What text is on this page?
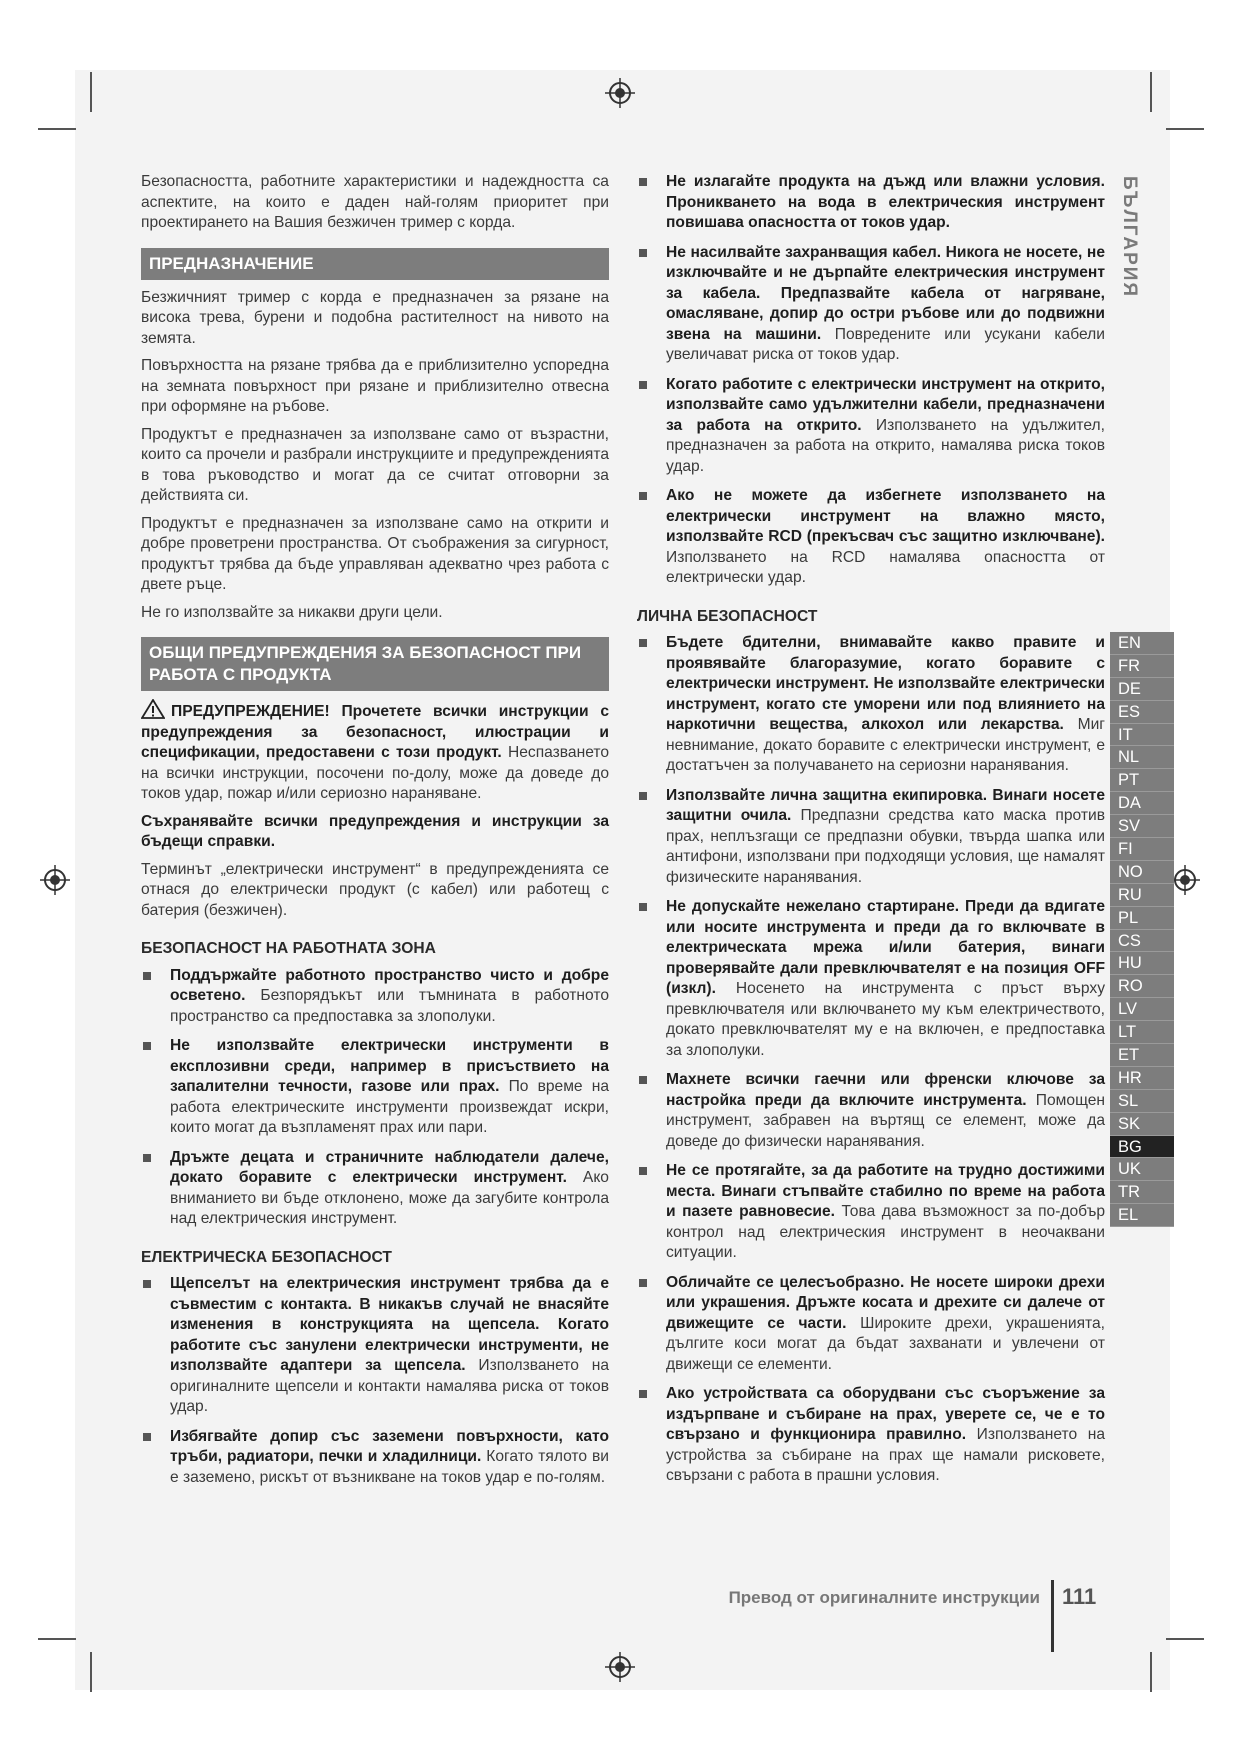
Безопасността, работните характеристики и надеждността са аспектите, на които е даден най-голям приоритет при проектирането на Вашия безжичен тример с корда.

ПРЕДНАЗНАЧЕНИЕ

Безжичният тример с корда е предназначен за рязане на висока трева, бурени и подобна растителност на нивото на земята.

Повърхността на рязане трябва да е приблизително успоредна на земната повърхност при рязане и приблизително отвесна при оформяне на ръбове.

Продуктът е предназначен за използване само от възрастни, които са прочели и разбрали инструкциите и предупрежденията в това ръководство и могат да се считат отговорни за действията си.

Продуктът е предназначен за използване само на открити и добре проветрени пространства. От съображения за сигурност, продуктът трябва да бъде управляван адекватно чрез работа с двете ръце.

Не го използвайте за никакви други цели.

ОБЩИ ПРЕДУПРЕЖДЕНИЯ ЗА БЕЗОПАСНОСТ ПРИ РАБОТА С ПРОДУКТА

ПРЕДУПРЕЖДЕНИЕ! Прочетете всички инструкции с предупреждения за безопасност, илюстрации и спецификации, предоставени с този продукт. Неспазването на всички инструкции, посочени по-долу, може да доведе до токов удар, пожар и/или сериозно нараняване.

Съхранявайте всички предупреждения и инструкции за бъдещи справки.

Терминът „електрически инструмент“ в предупрежденията се отнася до електрически продукт (с кабел) или работещ с батерия (безжичен).

БЕЗОПАСНОСТ НА РАБОТНАТА ЗОНА
Поддържайте работното пространство чисто и добре осветено. Безпорядъкът или тъмнината в работното пространство са предпоставка за злополуки.
Не използвайте електрически инструменти в експлозивни среди, например в присъствието на запалителни течности, газове или прах. По време на работа електрическите инструменти произвеждат искри, които могат да възпламенят прах или пари.
Дръжте децата и страничните наблюдатели далече, докато боравите с електрически инструмент. Ако вниманието ви бъде отклонено, може да загубите контрола над електрическия инструмент.
ЕЛЕКТРИЧЕСКА БЕЗОПАСНОСТ
Щепселът на електрическия инструмент трябва да е съвместим с контакта. В никакъв случай не внасяйте изменения в конструкцията на щепсела. Когато работите със занулени електрически инструменти, не използвайте адаптери за щепсела. Използването на оригиналните щепсели и контакти намалява риска от токов удар.
Избягвайте допир със заземени повърхности, като тръби, радиатори, печки и хладилници. Когато тялото ви е заземено, рискът от възникване на токов удар е по-голям.
Не излагайте продукта на дъжд или влажни условия. Проникването на вода в електрическия инструмент повишава опасността от токов удар.
Не насилвайте захранващия кабел. Никога не носете, не изключвайте и не дърпайте електрическия инструмент за кабела. Предпазвайте кабела от нагряване, омасляване, допир до остри ръбове или до подвижни звена на машини. Повредените или усукани кабели увеличават риска от токов удар.
Когато работите с електрически инструмент на открито, използвайте само удължителни кабели, предназначени за работа на открито. Използването на удължител, предназначен за работа на открито, намалява риска токов удар.
Ако не можете да избегнете използването на електрически инструмент на влажно място, използвайте RCD (прекъсвач със защитно изключване). Използването на RCD намалява опасността от електрически удар.
ЛИЧНА БЕЗОПАСНОСТ
Бъдете бдителни, внимавайте какво правите и проявявайте благоразумие, когато боравите с електрически инструмент. Не използвайте електрически инструмент, когато сте уморени или под влиянието на наркотични вещества, алкохол или лекарства. Миг невнимание, докато боравите с електрически инструмент, е достатъчен за получаването на сериозни наранявания.
Използвайте лична защитна екипировка. Винаги носете защитни очила. Предпазни средства като маска против прах, неплъзгащи се предпазни обувки, твърда шапка или антифони, използвани при подходящи условия, ще намалят физическите наранявания.
Не допускайте нежелано стартиране. Преди да вдигате или носите инструмента и преди да го включвате в електрическата мрежа и/или батерия, винаги проверявайте дали превключвателят е на позиция OFF (изкл). Носенето на инструмента с пръст върху превключвателя или включването му към електричеството, докато превключвателят му е на включен, е предпоставка за злополуки.
Махнете всички гаечни или френски ключове за настройка преди да включите инструмента. Помощен инструмент, забравен на въртящ се елемент, може да доведе до физически наранявания.
Не се протягайте, за да работите на трудно достижими места. Винаги стъпвайте стабилно по време на работа и пазете равновесие. Това дава възможност за по-добър контрол над електрическия инструмент в неочаквани ситуации.
Обличайте се целесъобразно. Не носете широки дрехи или украшения. Дръжте косата и дрехите си далече от движещите се части. Широките дрехи, украшенията, дългите коси могат да бъдат захванати и увлечени от движещи се елементи.
Ако устройствата са оборудвани със съоръжение за издърпване и събиране на прах, уверете се, че е то свързано и функционира правилно. Използването на устройства за събиране на прах ще намали рисковете, свързани с работа в прашни условия.
БЪЛГАРИЯ
EN
FR
DE
ES
IT
NL
PT
DA
SV
FI
NO
RU
PL
CS
HU
RO
LV
LT
ET
HR
SL
SK
BG
UK
TR
EL
Превод от оригиналните инструкции 111
